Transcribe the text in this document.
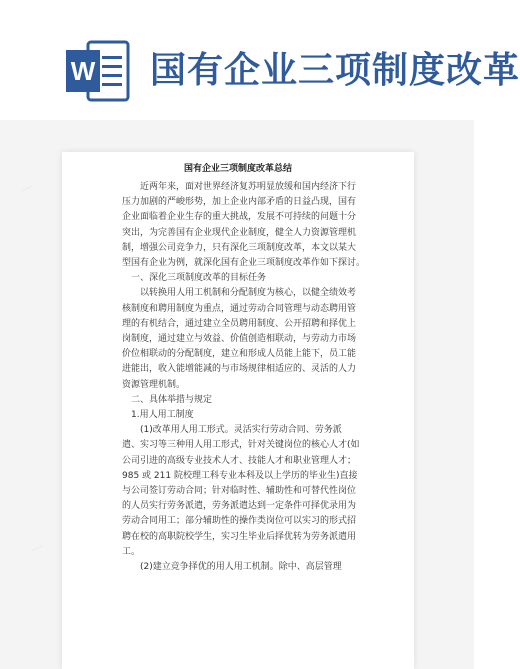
W 国有企业三项制度改革
国有企业三项制度改革总结

近两年来，面对世界经济复苏明显放缓和国内经济下行

压力加剧的严峻形势，加上企业内部矛盾的日益凸现，国有

企业面临着企业生存的重大挑战，发展不可持续的问题十分

突出，为完善国有企业现代企业制度，健全人力资源管理机

制，增强公司竞争力，只有深化三项制度改革，本文以某大

型国有企业为例，就深化国有企业三项制度改革作如下探讨。

一、深化三项制度改革的目标任务

以转换用人用工机制和分配制度为核心，以健全绩效考

核制度和聘用制度为重点，通过劳动合同管理与动态聘用管

理的有机结合，通过建立全员聘用制度、公开招聘和择优上

岗制度，通过建立与效益、价值创造相联动，与劳动力市场

价位相联动的分配制度，建立和形成人员能上能下，员工能

进能出，收入能增能减的与市场规律相适应的、灵活的人力

资源管理机制。

二、具体举措与规定

1.用人用工制度

(1)改革用人用工形式。灵活实行劳动合同、劳务派

遣、实习等三种用人用工形式，针对关键岗位的核心人才(如

公司引进的高级专业技术人才、技能人才和职业管理人才；

985 或 211 院校理工科专业本科及以上学历的毕业生)直接

与公司签订劳动合同；针对临时性、辅助性和可替代性岗位

的人员实行劳务派遣，劳务派遣达到一定条件可择优录用为

劳动合同用工；部分辅助性的操作类岗位可以实习的形式招

聘在校的高职院校学生，实习生毕业后择优转为劳务派遣用

工。

(2)建立竞争择优的用人用工机制。除中、高层管理
